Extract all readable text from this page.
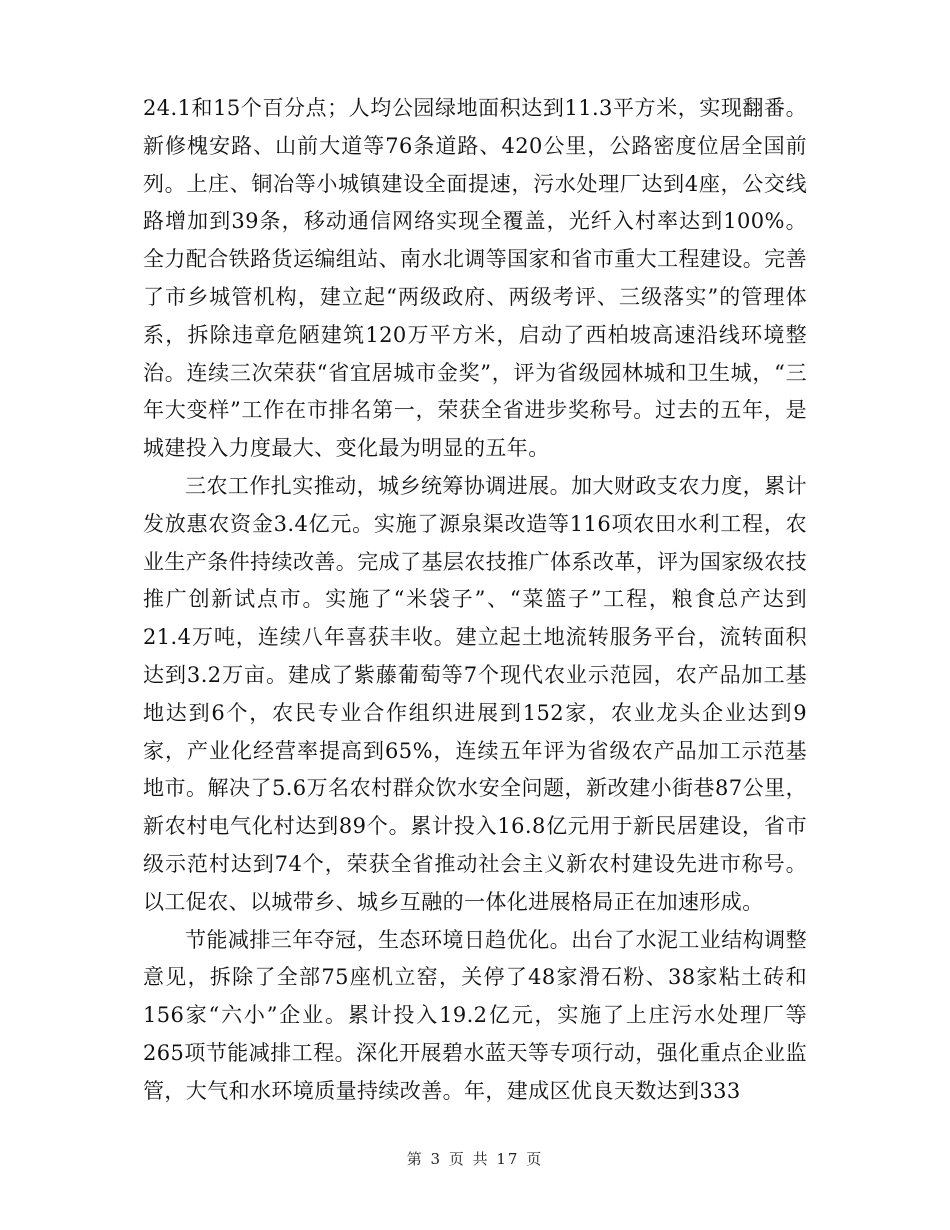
24.1和15个百分点；人均公园绿地面积达到11.3平方米，实现翻番。新修槐安路、山前大道等76条道路、420公里，公路密度位居全国前列。上庄、铜冶等小城镇建设全面提速，污水处理厂达到4座，公交线路增加到39条，移动通信网络实现全覆盖，光纤入村率达到100%。全力配合铁路货运编组站、南水北调等国家和省市重大工程建设。完善了市乡城管机构，建立起“两级政府、两级考评、三级落实”的管理体系，拆除违章危陋建筑120万平方米，启动了西柏坡高速沿线环境整治。连续三次荣获“省宜居城市金奖”，评为省级园林城和卫生城，“三年大变样”工作在市排名第一，荣获全省进步奖称号。过去的五年，是城建投入力度最大、变化最为明显的五年。

三农工作扎实推动，城乡统筹协调进展。加大财政支农力度，累计发放惠农资金3.4亿元。实施了源泉渠改造等116项农田水利工程，农业生产条件持续改善。完成了基层农技推广体系改革，评为国家级农技推广创新试点市。实施了“米袋子”、“菜篮子”工程，粮食总产达到21.4万吨，连续八年喜获丰收。建立起土地流转服务平台，流转面积达到3.2万亩。建成了紫藤葡萄等7个现代农业示范园，农产品加工基地达到6个，农民专业合作组织进展到152家，农业龙头企业达到9家，产业化经营率提高到65%，连续五年评为省级农产品加工示范基地市。解决了5.6万名农村群众饮水安全问题，新改建小街巷87公里，新农村电气化村达到89个。累计投入16.8亿元用于新民居建设，省市级示范村达到74个，荣获全省推动社会主义新农村建设先进市称号。以工促农、以城带乡、城乡互融的一体化进展格局正在加速形成。

节能减排三年夺冠，生态环境日趋优化。出台了水泥工业结构调整意见，拆除了全部75座机立窑，关停了48家滑石粉、38家粘土砖和156家“六小”企业。累计投入19.2亿元，实施了上庄污水处理厂等265项节能减排工程。深化开展碧水蓝天等专项行动，强化重点企业监管，大气和水环境质量持续改善。年，建成区优良天数达到333

第 3 页 共 17 页
